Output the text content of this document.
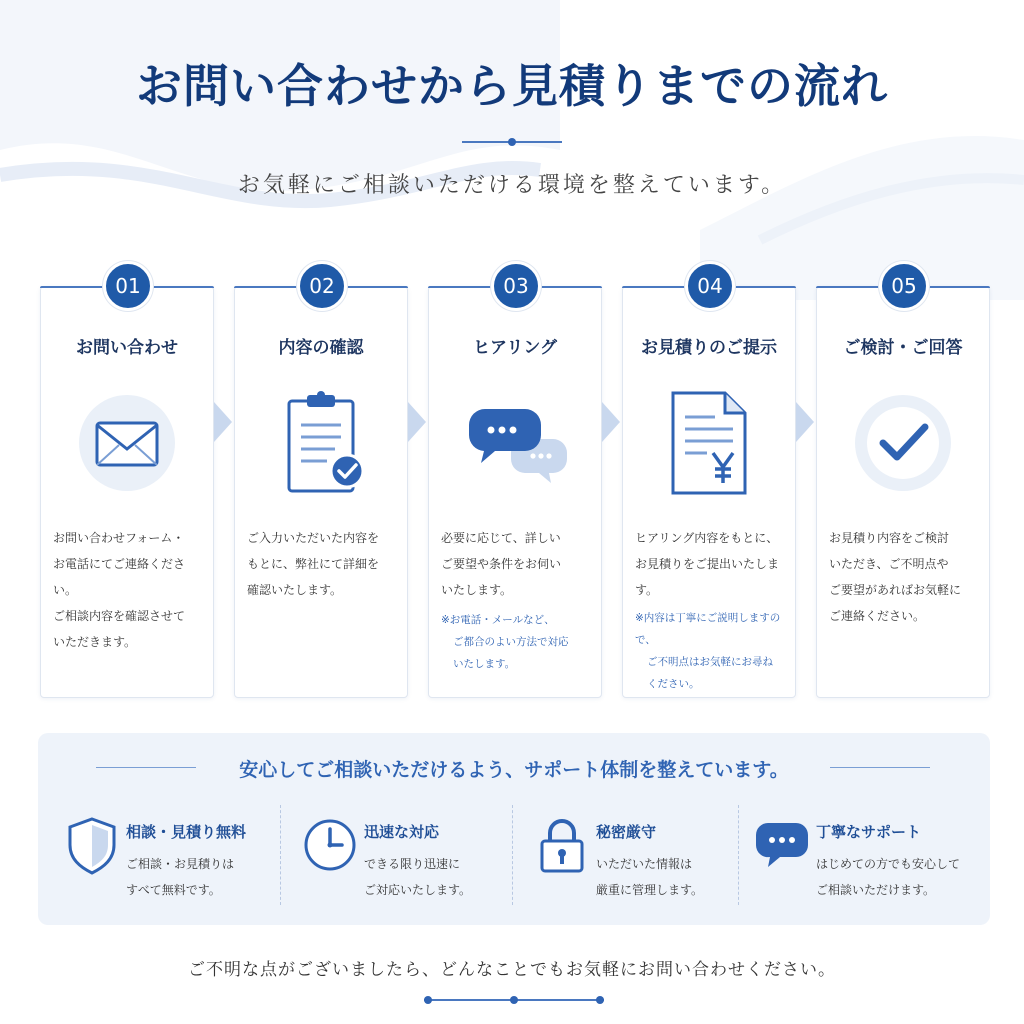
お問い合わせから見積りまでの流れ
お気軽にご相談いただける環境を整えています。
01
お問い合わせ
お問い合わせフォーム・
お電話にてご連絡ください。
ご相談内容を確認させて
いただきます。
02
内容の確認
ご入力いただいた内容を
もとに、弊社にて詳細を
確認いたします。
03
ヒアリング
必要に応じて、詳しい
ご要望や条件をお伺い
いたします。
※お電話・メールなど、
ご都合のよい方法で対応
いたします。
04
お見積りのご提示
ヒアリング内容をもとに、
お見積りをご提出いたします。
※内容は丁寧にご説明しますので、
ご不明点はお気軽にお尋ね
ください。
05
ご検討・ご回答
お見積り内容をご検討
いただき、ご不明点や
ご要望があればお気軽に
ご連絡ください。
安心してご相談いただけるよう、サポート体制を整えています。
相談・見積り無料
ご相談・お見積りは
すべて無料です。
迅速な対応
できる限り迅速に
ご対応いたします。
秘密厳守
いただいた情報は
厳重に管理します。
丁寧なサポート
はじめての方でも安心して
ご相談いただけます。
ご不明な点がございましたら、どんなことでもお気軽にお問い合わせください。
